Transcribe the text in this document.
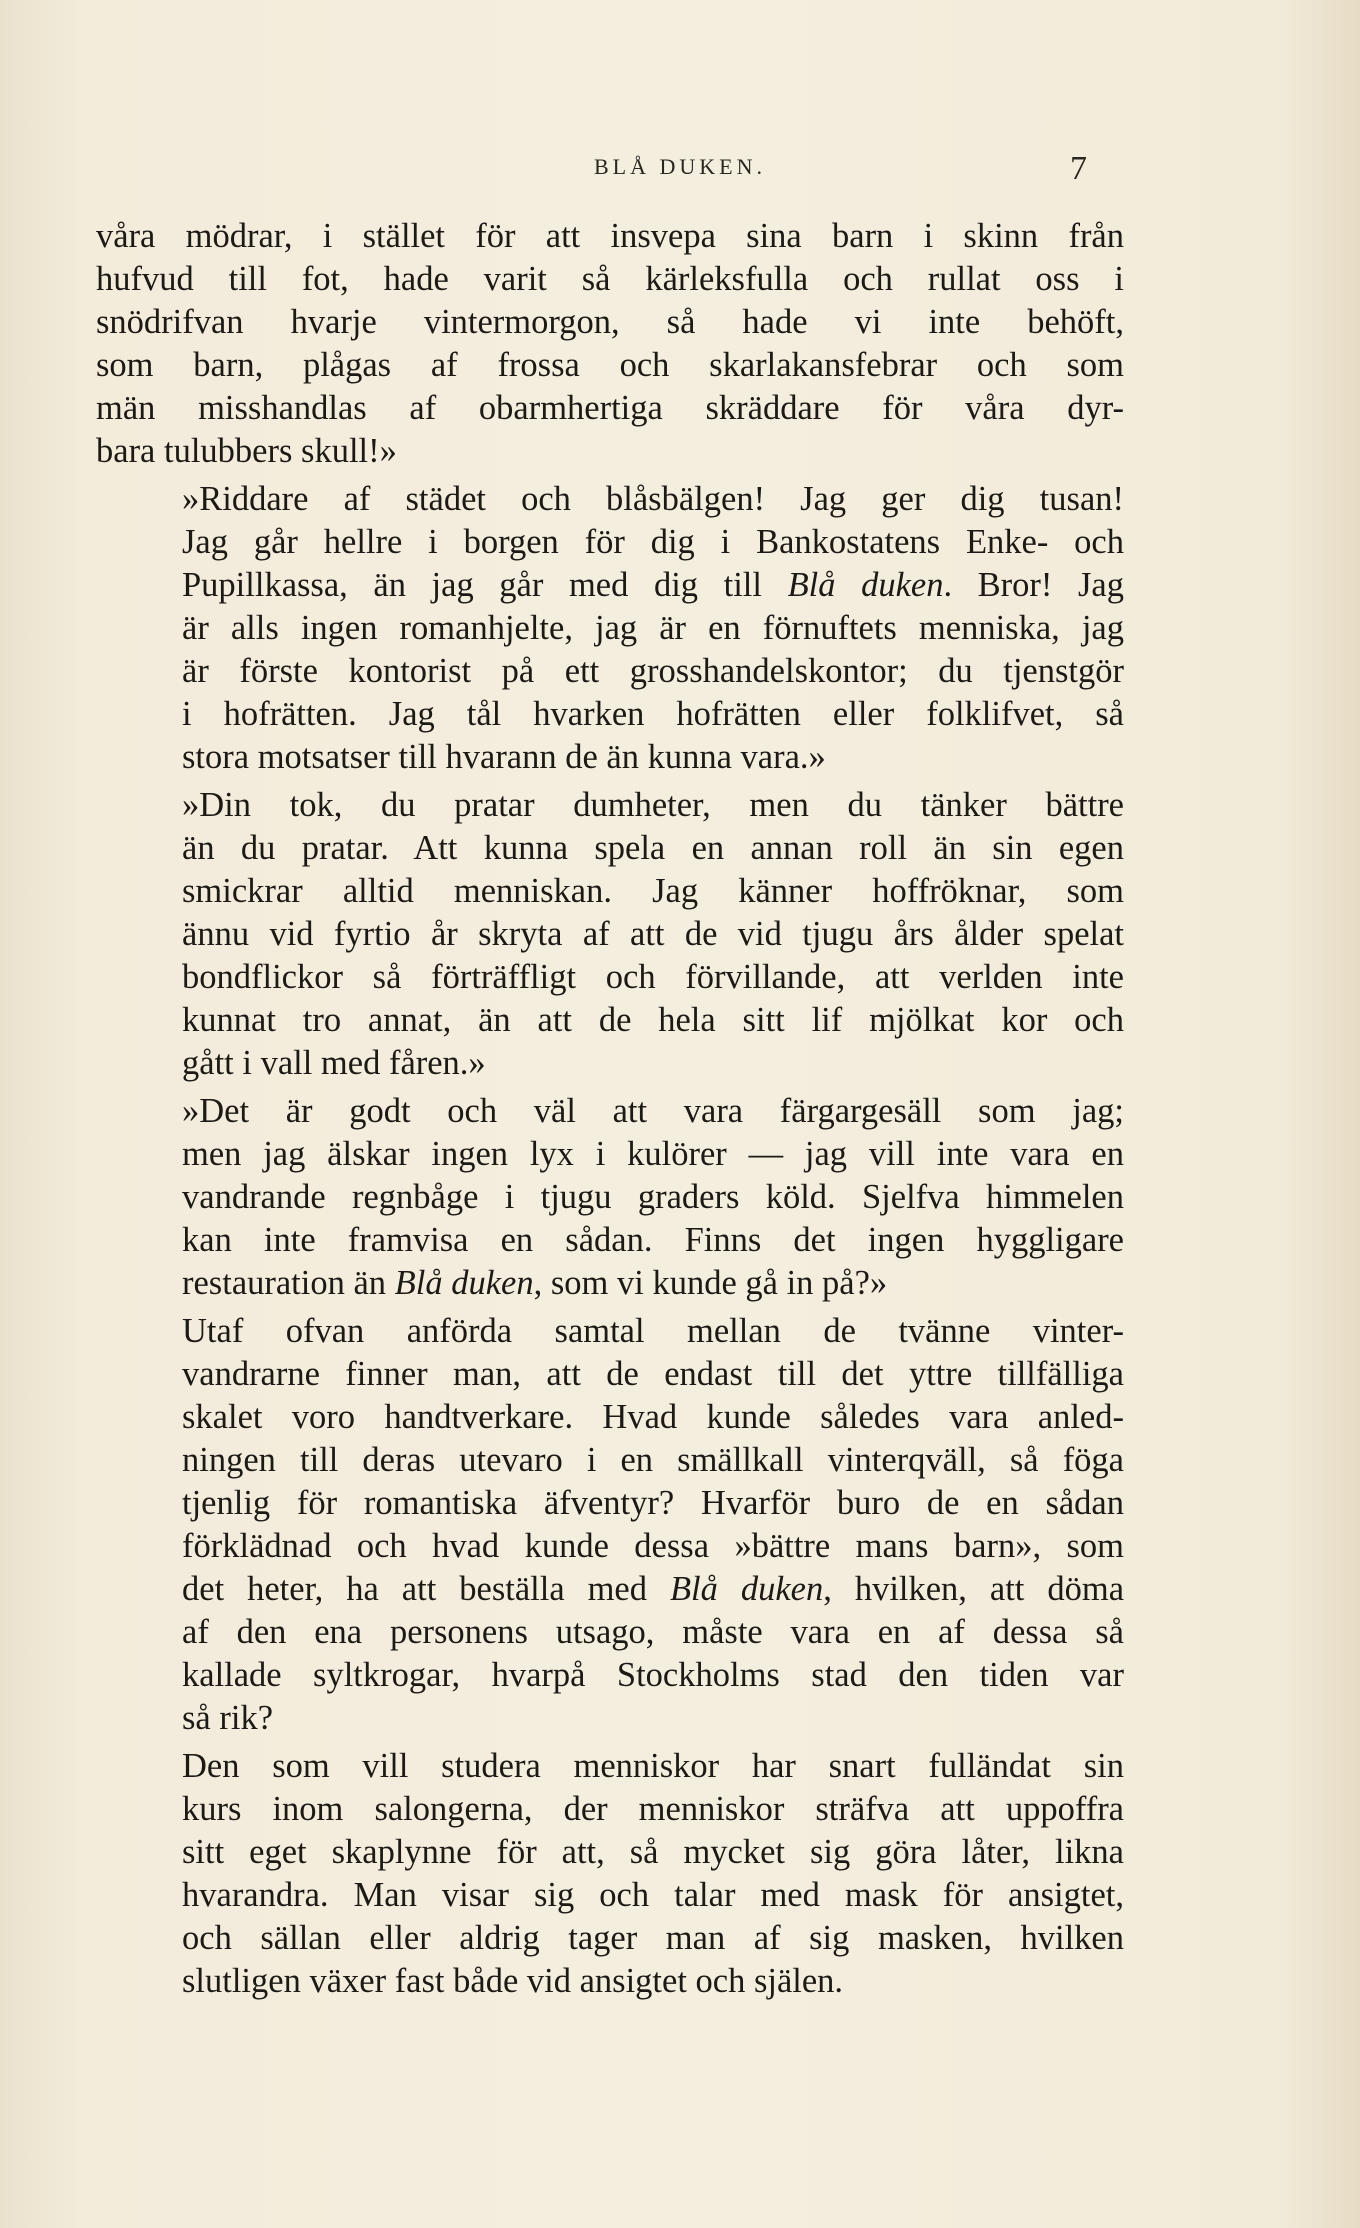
BLÅ DUKEN.	7
våra mödrar, i stället för att insvepa sina barn i skinn från
hufvud till fot, hade varit så kärleksfulla och rullat oss i
snödrifvan hvarje vintermorgon, så hade vi inte behöft,
som barn, plågas af frossa och skarlakansfebrar och som
män misshandlas af obarmhertiga skräddare för våra dyr-
bara tulubbers skull!»
»Riddare af städet och blåsbälgen! Jag ger dig tusan!
Jag går hellre i borgen för dig i Bankostatens Enke- och
Pupillkassa, än jag går med dig till Blå duken. Bror! Jag
är alls ingen romanhjelte, jag är en förnuftets menniska, jag
är förste kontorist på ett grosshandelskontor; du tjenstgör
i hofrätten. Jag tål hvarken hofrätten eller folklifvet, så
stora motsatser till hvarann de än kunna vara.»
»Din tok, du pratar dumheter, men du tänker bättre
än du pratar. Att kunna spela en annan roll än sin egen
smickrar alltid menniskan. Jag känner hoffröknar, som
ännu vid fyrtio år skryta af att de vid tjugu års ålder spelat
bondflickor så förträffligt och förvillande, att verlden inte
kunnat tro annat, än att de hela sitt lif mjölkat kor och
gått i vall med fåren.»
»Det är godt och väl att vara färgargesäll som jag;
men jag älskar ingen lyx i kulörer — jag vill inte vara en
vandrande regnbåge i tjugu graders köld. Sjelfva himmelen
kan inte framvisa en sådan. Finns det ingen hyggligare
restauration än Blå duken, som vi kunde gå in på?»
Utaf ofvan anförda samtal mellan de tvänne vinter-
vandrarne finner man, att de endast till det yttre tillfälliga
skalet voro handtverkare. Hvad kunde således vara anled-
ningen till deras utevaro i en smällkall vinterqväll, så föga
tjenlig för romantiska äfventyr? Hvarför buro de en sådan
förklädnad och hvad kunde dessa »bättre mans barn», som
det heter, ha att beställa med Blå duken, hvilken, att döma
af den ena personens utsago, måste vara en af dessa så
kallade syltkrogar, hvarpå Stockholms stad den tiden var
så rik?
Den som vill studera menniskor har snart fulländat sin
kurs inom salongerna, der menniskor sträfva att uppoffra
sitt eget skaplynne för att, så mycket sig göra låter, likna
hvarandra. Man visar sig och talar med mask för ansigtet,
och sällan eller aldrig tager man af sig masken, hvilken
slutligen växer fast både vid ansigtet och själen.
